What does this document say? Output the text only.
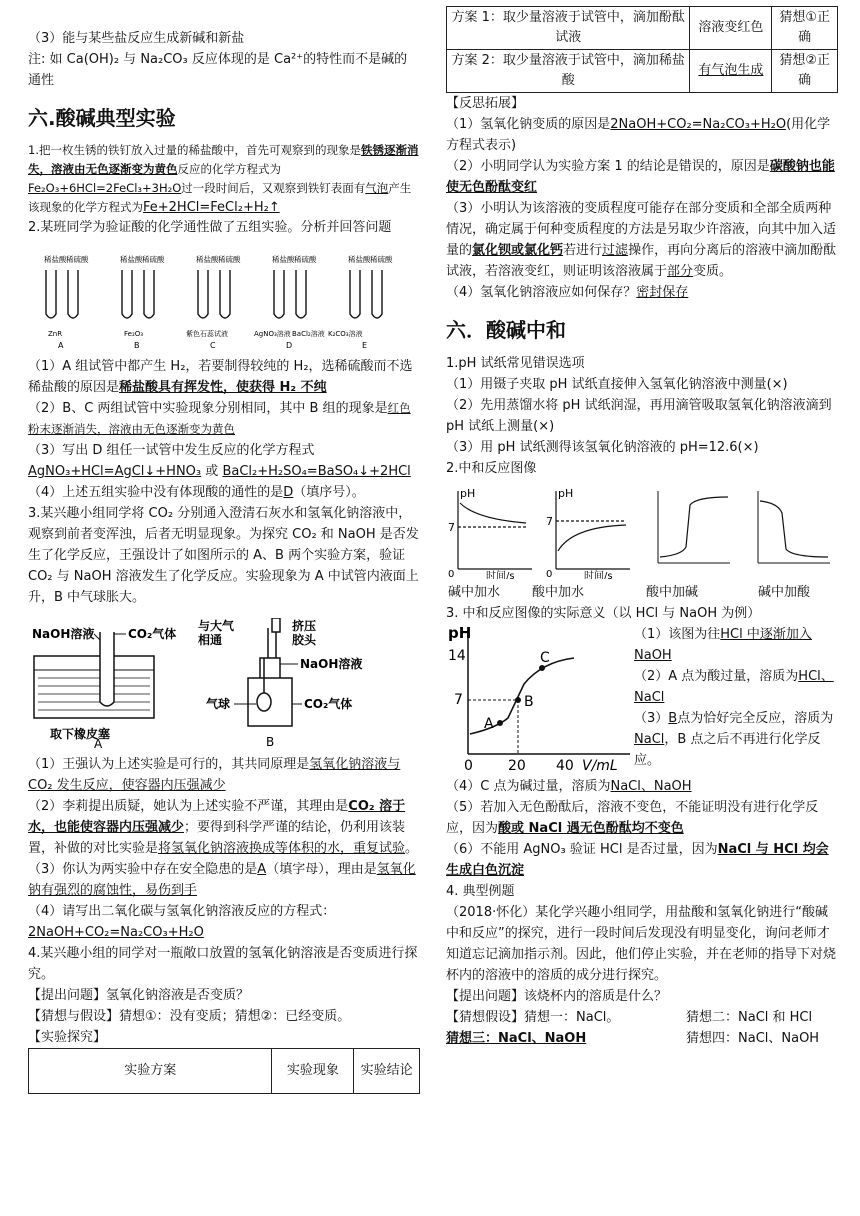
（3）能与某些盐反应生成新碱和新盐

注: 如 Ca(OH)₂ 与 Na₂CO₃ 反应体现的是 Ca²⁺的特性而不是碱的通性

六.酸碱典型实验

1.把一枚生锈的铁钉放入过量的稀盐酸中，首先可观察到的现象是铁锈逐渐消失，溶液由无色逐渐变为黄色反应的化学方程式为Fe₂O₃+6HCl=2FeCl₃+3H₂O过一段时间后，又观察到铁钉表面有气泡产生该现象的化学方程式为Fe+2HCl=FeCl₂+H₂↑

2.某班同学为验证酸的化学通性做了五组实验。分析并回答问题

稀盐酸 稀硫酸
A
稀盐酸 稀硫酸
B
稀盐酸 稀硫酸
C
稀盐酸 稀硫酸
D
稀盐酸 稀硫酸
E
ZnR	Fe₂O₃	紫色石蕊试液	AgNO₃溶液 BaCl₂溶液 K₂CO₃溶液

（1）A 组试管中都产生 H₂，若要制得较纯的 H₂，选稀硫酸而不选稀盐酸的原因是稀盐酸具有挥发性，使获得 H₂ 不纯

（2）B、C 两组试管中实验现象分别相同，其中 B 组的现象是红色粉末逐渐消失，溶液由无色逐渐变为黄色

（3）写出 D 组任一试管中发生反应的化学方程式
AgNO₃+HCl=AgCl↓+HNO₃ 或 BaCl₂+H₂SO₄=BaSO₄↓+2HCl

（4）上述五组实验中没有体现酸的通性的是D（填序号）。

3.某兴趣小组同学将 CO₂ 分别通入澄清石灰水和氢氧化钠溶液中，观察到前者变浑浊，后者无明显现象。为探究 CO₂ 和 NaOH 是否发生了化学反应，王强设计了如图所示的 A、B 两个实验方案，验证 CO₂ 与 NaOH 溶液发生了化学反应。实验现象为 A 中试管内液面上升，B 中气球胀大。

NaOH溶液	CO₂气体
取下橡皮塞
A
与大气
相通
挤压
胶头
NaOH溶液
气球	CO₂气体
B

（1）王强认为上述实验是可行的，其共同原理是氢氧化钠溶液与 CO₂ 发生反应，使容器内压强减少

（2）李莉提出质疑，她认为上述实验不严谨，其理由是CO₂ 溶于水，也能使容器内压强减少；要得到科学严谨的结论，仍利用该装置，补做的对比实验是将氢氧化钠溶液换成等体积的水，重复试验。

（3）你认为两实验中存在安全隐患的是A（填字母），理由是氢氧化钠有强烈的腐蚀性，易伤到手

（4）请写出二氧化碳与氢氧化钠溶液反应的方程式：
2NaOH+CO₂=Na₂CO₃+H₂O

4.某兴趣小组的同学对一瓶敞口放置的氢氧化钠溶液是否变质进行探究。

【提出问题】氢氧化钠溶液是否变质？

【猜想与假设】猜想①：没有变质；猜想②：已经变质。

【实验探究】

实验方案	实验现象	实验结论
方案 1：取少量溶液于试管中，滴加酚酞试液	溶液变红色	猜想①正确
方案 2：取少量溶液于试管中，滴加稀盐酸	有气泡生成	猜想②正确

【反思拓展】

（1）氢氧化钠变质的原因是2NaOH+CO₂=Na₂CO₃+H₂O(用化学方程式表示)

（2）小明同学认为实验方案 1 的结论是错误的，原因是碳酸钠也能使无色酚酞变红

（3）小明认为该溶液的变质程度可能存在部分变质和全部全质两种情况，确定属于何种变质程度的方法是另取少许溶液，向其中加入适量的氯化钡或氯化钙若进行过滤操作，再向分离后的溶液中滴加酚酞试液，若溶液变红，则证明该溶液属于部分变质。

（4）氢氧化钠溶液应如何保存？密封保存

六．酸碱中和

1.pH 试纸常见错误选项

（1）用镊子夹取 pH 试纸直接伸入氢氧化钠溶液中测量(×)

（2）先用蒸馏水将 pH 试纸润湿，再用滴管吸取氢氧化钠溶液滴到 pH 试纸上测量(×)

（3）用 pH 试纸测得该氢氧化钠溶液的 pH=12.6(×)

2.中和反应图像

pH
7
0	时间/s
pH
7
0	时间/s
碱中加水 酸中加水	酸中加碱	碱中加酸

3. 中和反应图像的实际意义（以 HCl 与 NaOH 为例）

pH
14
7
0	20 40 V/mL
A
B
C

（1）该图为往HCl 中逐渐加入 NaOH

（2）A 点为酸过量，溶质为HCl、NaCl

（3）B点为恰好完全反应，溶质为NaCl，B 点之后不再进行化学反应。

（4）C 点为碱过量，溶质为NaCl、NaOH

（5）若加入无色酚酞后，溶液不变色，不能证明没有进行化学反应，因为酸或 NaCl 遇无色酚酞均不变色

（6）不能用 AgNO₃ 验证 HCl 是否过量，因为NaCl 与 HCl 均会生成白色沉淀

4. 典型例题

（2018·怀化）某化学兴趣小组同学，用盐酸和氢氧化钠进行“酸碱中和反应”的探究，进行一段时间后发现没有明显变化，询问老师才知道忘记滴加指示剂。因此，他们停止实验，并在老师的指导下对烧杯内的溶液中的溶质的成分进行探究。

【提出问题】该烧杯内的溶质是什么？

【猜想假设】猜想一：NaCl。	猜想二：NaCl 和 HCl

猜想三：NaCl、NaOH	猜想四：NaCl、NaOH
